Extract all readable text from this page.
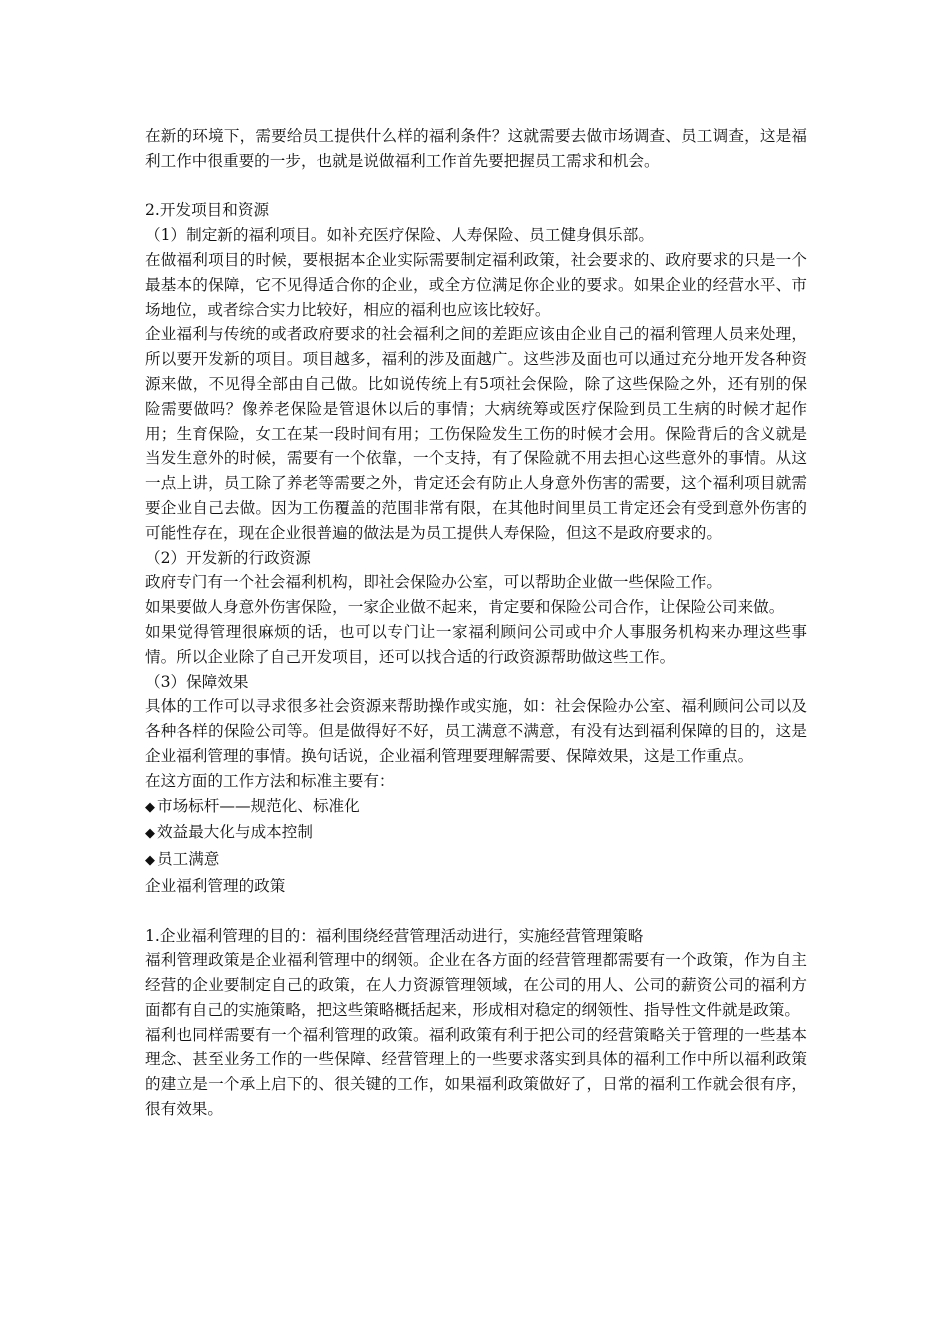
在新的环境下，需要给员工提供什么样的福利条件？这就需要去做市场调查、员工调查，这是福利工作中很重要的一步，也就是说做福利工作首先要把握员工需求和机会。

2.开发项目和资源

（1）制定新的福利项目。如补充医疗保险、人寿保险、员工健身俱乐部。

在做福利项目的时候，要根据本企业实际需要制定福利政策，社会要求的、政府要求的只是一个最基本的保障，它不见得适合你的企业，或全方位满足你企业的要求。如果企业的经营水平、市场地位，或者综合实力比较好，相应的福利也应该比较好。

企业福利与传统的或者政府要求的社会福利之间的差距应该由企业自己的福利管理人员来处理，所以要开发新的项目。项目越多，福利的涉及面越广。这些涉及面也可以通过充分地开发各种资源来做，不见得全部由自己做。比如说传统上有5项社会保险，除了这些保险之外，还有别的保险需要做吗？像养老保险是管退休以后的事情；大病统筹或医疗保险到员工生病的时候才起作用；生育保险，女工在某一段时间有用；工伤保险发生工伤的时候才会用。保险背后的含义就是当发生意外的时候，需要有一个依靠，一个支持，有了保险就不用去担心这些意外的事情。从这一点上讲，员工除了养老等需要之外，肯定还会有防止人身意外伤害的需要，这个福利项目就需要企业自己去做。因为工伤覆盖的范围非常有限，在其他时间里员工肯定还会有受到意外伤害的可能性存在，现在企业很普遍的做法是为员工提供人寿保险，但这不是政府要求的。

（2）开发新的行政资源

政府专门有一个社会福利机构，即社会保险办公室，可以帮助企业做一些保险工作。

如果要做人身意外伤害保险，一家企业做不起来，肯定要和保险公司合作，让保险公司来做。

如果觉得管理很麻烦的话，也可以专门让一家福利顾问公司或中介人事服务机构来办理这些事情。所以企业除了自己开发项目，还可以找合适的行政资源帮助做这些工作。

（3）保障效果

具体的工作可以寻求很多社会资源来帮助操作或实施，如：社会保险办公室、福利顾问公司以及各种各样的保险公司等。但是做得好不好，员工满意不满意，有没有达到福利保障的目的，这是企业福利管理的事情。换句话说，企业福利管理要理解需要、保障效果，这是工作重点。

在这方面的工作方法和标准主要有：

◆ 市场标杆——规范化、标准化
◆ 效益最大化与成本控制
◆ 员工满意

企业福利管理的政策

1.企业福利管理的目的：福利围绕经营管理活动进行，实施经营管理策略

福利管理政策是企业福利管理中的纲领。企业在各方面的经营管理都需要有一个政策，作为自主经营的企业要制定自己的政策，在人力资源管理领域，在公司的用人、公司的薪资公司的福利方面都有自己的实施策略，把这些策略概括起来，形成相对稳定的纲领性、指导性文件就是政策。

福利也同样需要有一个福利管理的政策。福利政策有利于把公司的经营策略关于管理的一些基本理念、甚至业务工作的一些保障、经营管理上的一些要求落实到具体的福利工作中所以福利政策的建立是一个承上启下的、很关键的工作，如果福利政策做好了，日常的福利工作就会很有序，很有效果。
